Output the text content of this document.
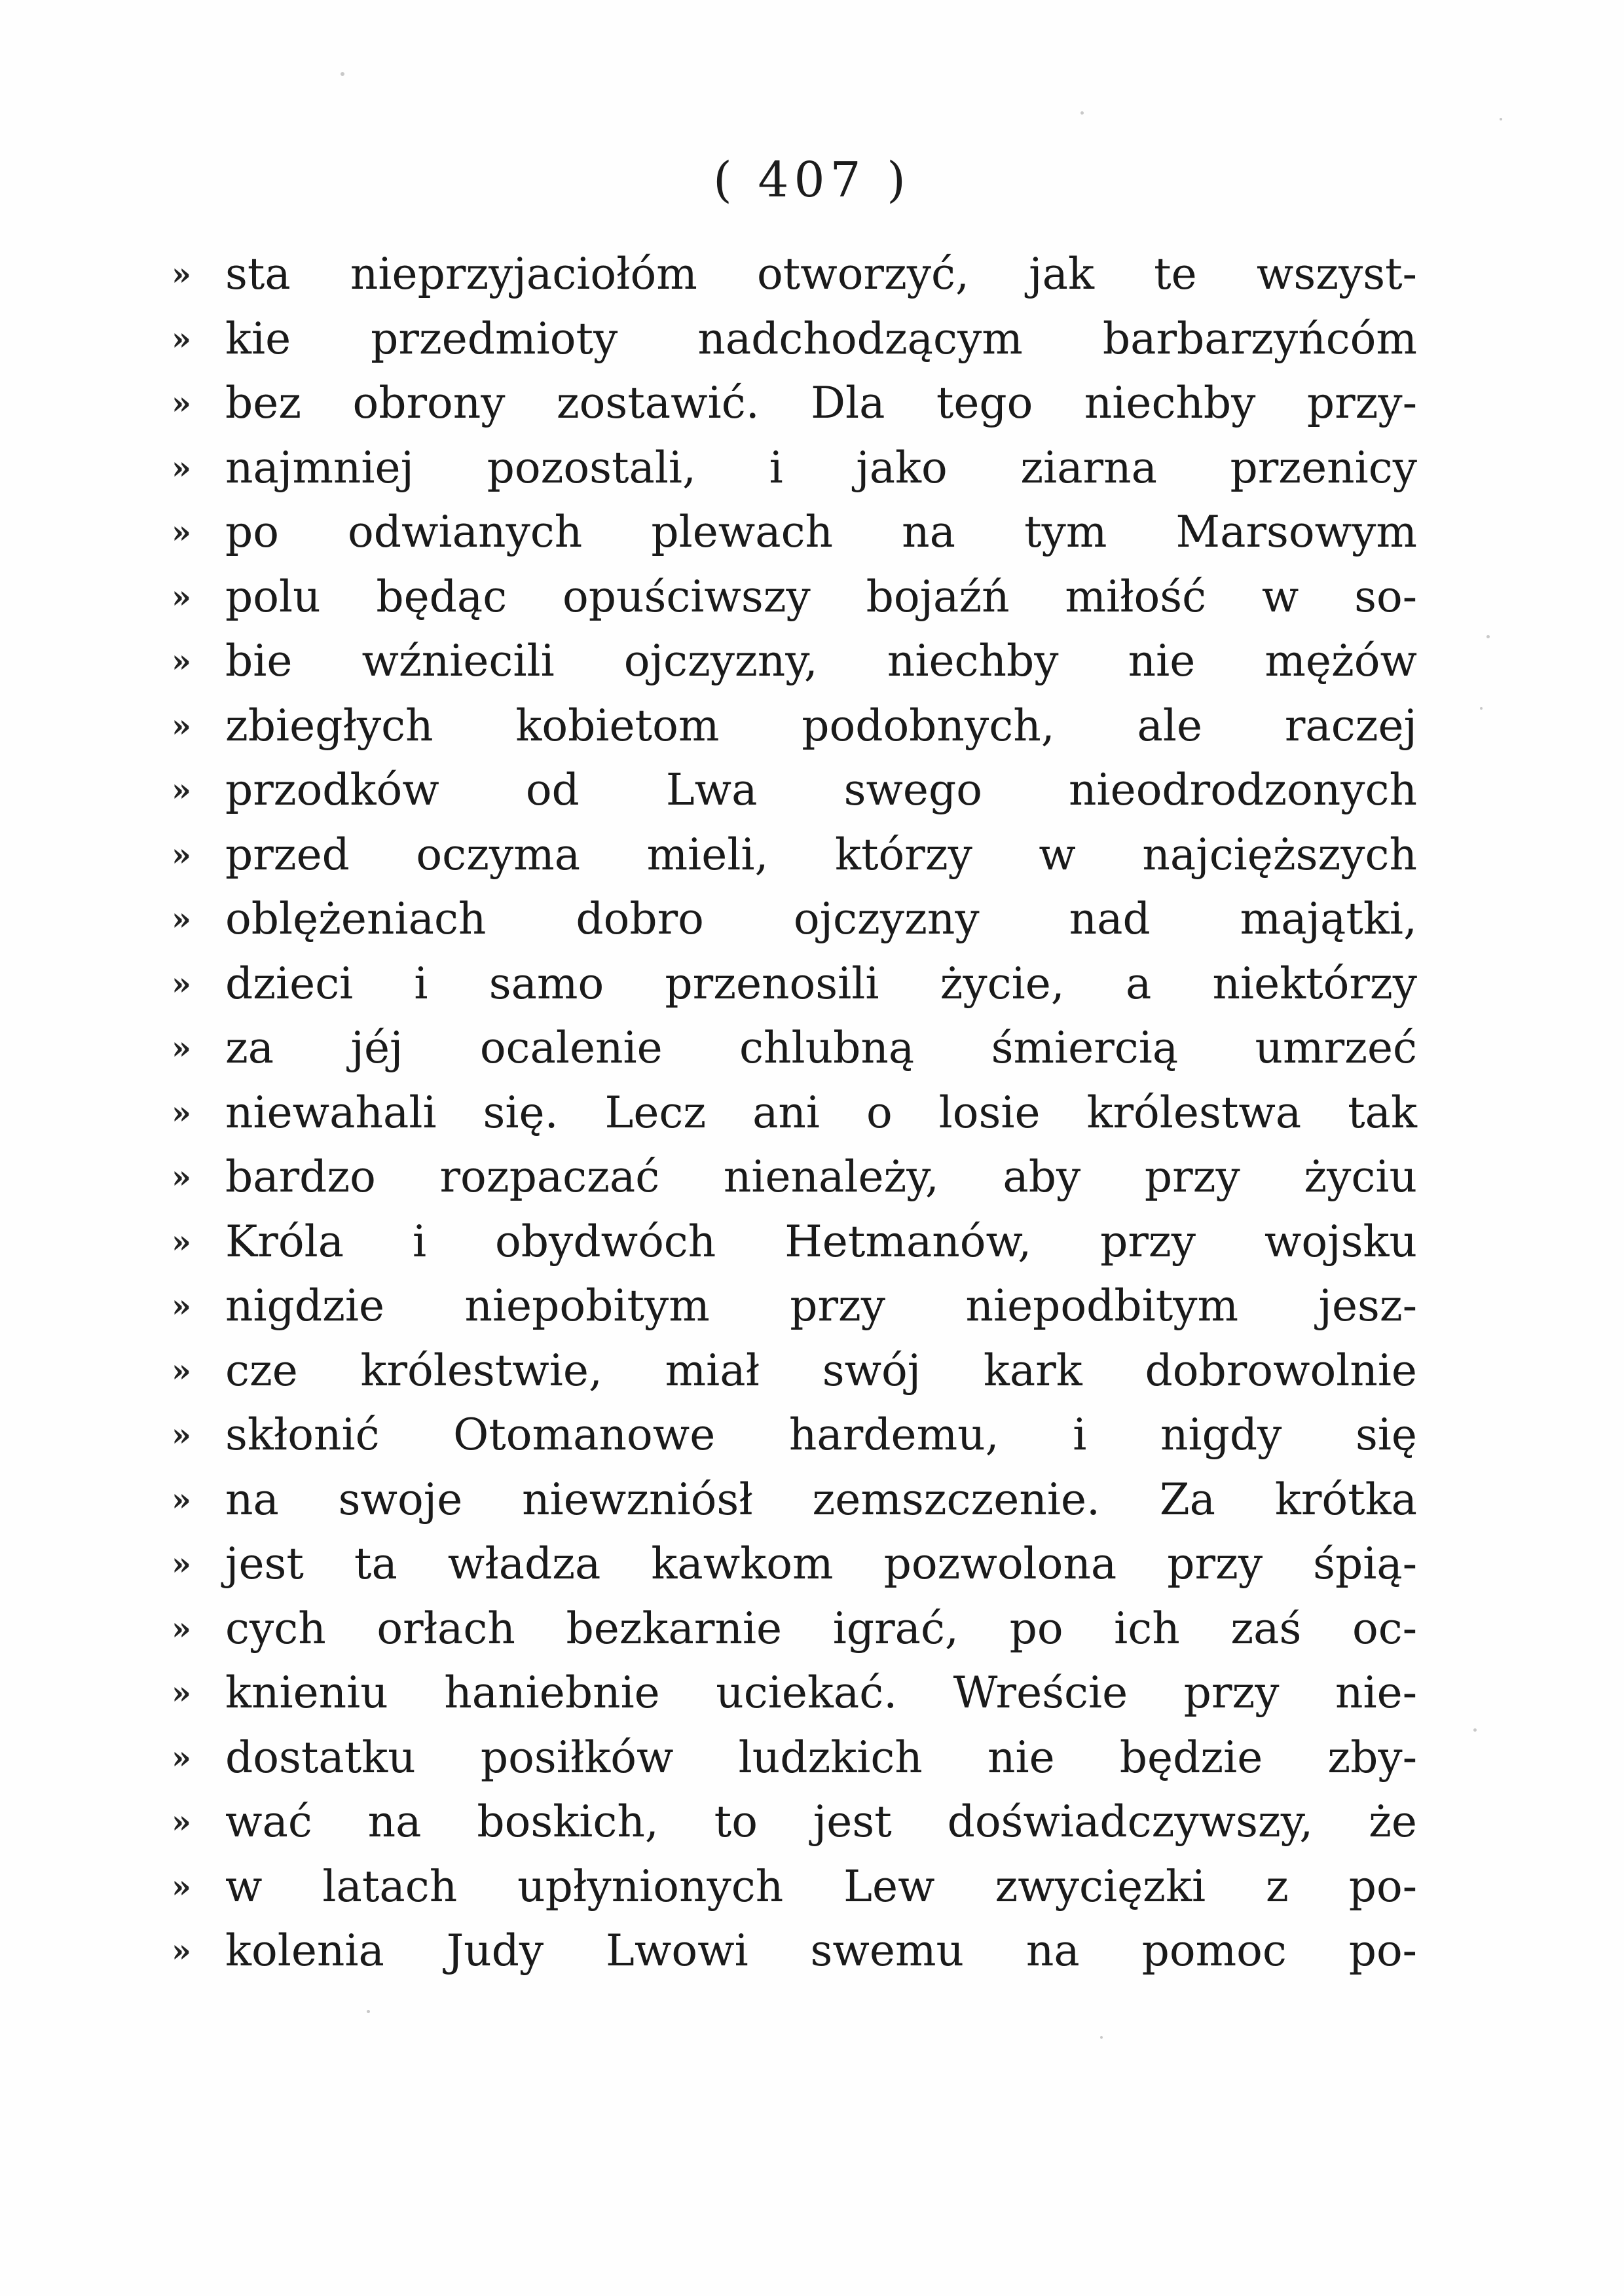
( 407 )
» sta nieprzyjaciołóm otworzyć, jak te wszyst-
» kie przedmioty nadchodzącym barbarzyńcóm
» bez obrony zostawić. Dla tego niechby przy-
» najmniej pozostali, i jako ziarna przenicy
» po odwianych plewach na tym Marsowym
» polu będąc opuściwszy bojaźń miłość w so-
» bie wźniecili ojczyzny, niechby nie mężów
» zbiegłych kobietom podobnych, ale raczej
» przodków od Lwa swego nieodrodzonych
» przed oczyma mieli, którzy w najcięższych
» oblężeniach dobro ojczyzny nad majątki,
» dzieci i samo przenosili życie, a niektórzy
» za jéj ocalenie chlubną śmiercią umrzeć
» niewahali się. Lecz ani o losie królestwa tak
» bardzo rozpaczać nienależy, aby przy życiu
» Króla i obydwóch Hetmanów, przy wojsku
» nigdzie niepobitym przy niepodbitym jesz-
» cze królestwie, miał swój kark dobrowolnie
» skłonić Otomanowe hardemu, i nigdy się
» na swoje niewzniósł zemszczenie. Za krótka
» jest ta władza kawkom pozwolona przy śpią-
» cych orłach bezkarnie igrać, po ich zaś oc-
» knieniu haniebnie uciekać. Wreście przy nie-
» dostatku posiłków ludzkich nie będzie zby-
» wać na boskich, to jest doświadczywszy, że
» w latach upłynionych Lew zwycięzki z po-
» kolenia Judy Lwowi swemu na pomoc po-
